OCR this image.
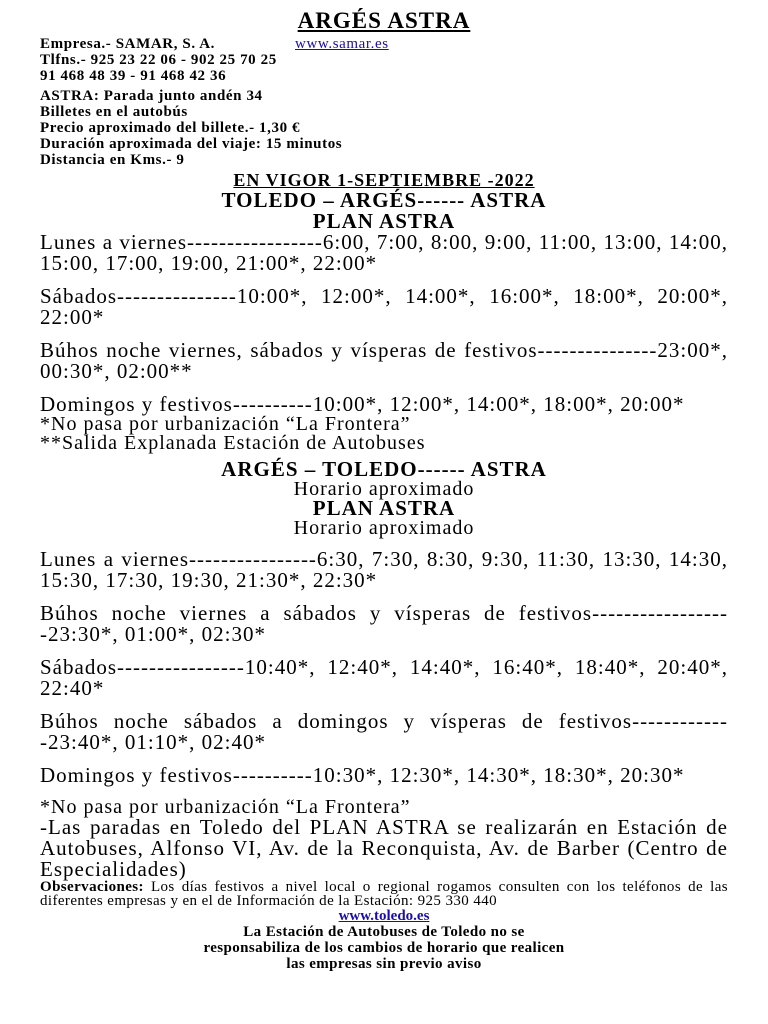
ARGÉS ASTRA
Empresa.- SAMAR, S. A.	www.samar.es
Tlfns.- 925 23 22 06 - 902 25 70 25
91 468 48 39 - 91 468 42 36
ASTRA: Parada junto andén 34
Billetes en el autobús
Precio aproximado del billete.- 1,30 €
Duración aproximada del viaje: 15 minutos
Distancia en Kms.- 9
EN VIGOR 1-SEPTIEMBRE -2022
TOLEDO – ARGÉS------ ASTRA
PLAN ASTRA

Lunes a viernes-----------------6:00, 7:00, 8:00, 9:00, 11:00, 13:00, 14:00, 15:00, 17:00, 19:00, 21:00*, 22:00*

Sábados---------------10:00*, 12:00*, 14:00*, 16:00*, 18:00*, 20:00*, 22:00*

Búhos noche viernes, sábados y vísperas de festivos---------------23:00*, 00:30*, 02:00**

Domingos y festivos----------10:00*, 12:00*, 14:00*, 18:00*, 20:00*

*No pasa por urbanización “La Frontera”
**Salida Explanada Estación de Autobuses
ARGÉS – TOLEDO------ ASTRA
Horario aproximado
PLAN ASTRA
Horario aproximado

Lunes a viernes----------------6:30, 7:30, 8:30, 9:30, 11:30, 13:30, 14:30, 15:30, 17:30, 19:30, 21:30*, 22:30*

Búhos noche viernes a sábados y vísperas de festivos------------------23:30*, 01:00*, 02:30*

Sábados----------------10:40*, 12:40*, 14:40*, 16:40*, 18:40*, 20:40*, 22:40*

Búhos noche sábados a domingos y vísperas de festivos-------------23:40*, 01:10*, 02:40*

Domingos y festivos----------10:30*, 12:30*, 14:30*, 18:30*, 20:30*

*No pasa por urbanización “La Frontera”

-Las paradas en Toledo del PLAN ASTRA se realizarán en Estación de Autobuses, Alfonso VI, Av. de la Reconquista, Av. de Barber (Centro de Especialidades)

Observaciones: Los días festivos a nivel local o regional rogamos consulten con los teléfonos de las diferentes empresas y en el de Información de la Estación: 925 330 440
www.toledo.es
La Estación de Autobuses de Toledo no se
responsabiliza de los cambios de horario que realicen
las empresas sin previo aviso
